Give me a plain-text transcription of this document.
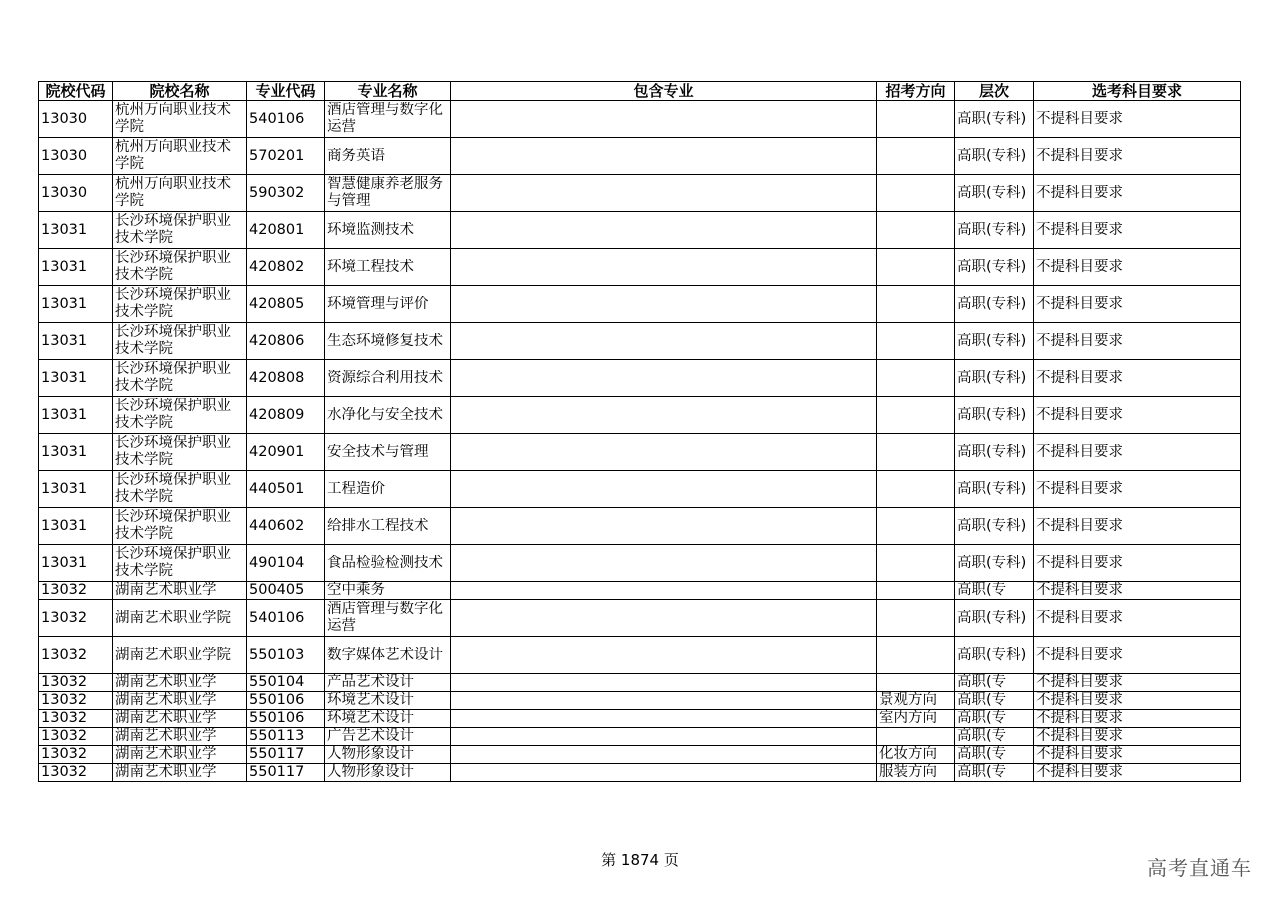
院校代码	院校名称	专业代码	专业名称	包含专业	招考方向	层次	选考科目要求

13030	杭州万向职业技术学院	540106	酒店管理与数字化运营			高职(专科)	不提科目要求

13030	杭州万向职业技术学院	570201	商务英语			高职(专科)	不提科目要求

13030	杭州万向职业技术学院	590302	智慧健康养老服务与管理			高职(专科)	不提科目要求

13031	长沙环境保护职业技术学院	420801	环境监测技术			高职(专科)	不提科目要求

13031	长沙环境保护职业技术学院	420802	环境工程技术			高职(专科)	不提科目要求

13031	长沙环境保护职业技术学院	420805	环境管理与评价			高职(专科)	不提科目要求

13031	长沙环境保护职业技术学院	420806	生态环境修复技术			高职(专科)	不提科目要求

13031	长沙环境保护职业技术学院	420808	资源综合利用技术			高职(专科)	不提科目要求

13031	长沙环境保护职业技术学院	420809	水净化与安全技术			高职(专科)	不提科目要求

13031	长沙环境保护职业技术学院	420901	安全技术与管理			高职(专科)	不提科目要求

13031	长沙环境保护职业技术学院	440501	工程造价			高职(专科)	不提科目要求

13031	长沙环境保护职业技术学院	440602	给排水工程技术			高职(专科)	不提科目要求

13031	长沙环境保护职业技术学院	490104	食品检验检测技术			高职(专科)	不提科目要求

13032	湖南艺术职业学	500405	空中乘务			高职(专	不提科目要求

13032	湖南艺术职业学院	540106	酒店管理与数字化运营			高职(专科)	不提科目要求

13032	湖南艺术职业学院	550103	数字媒体艺术设计			高职(专科)	不提科目要求

13032	湖南艺术职业学	550104	产品艺术设计			高职(专	不提科目要求

13032	湖南艺术职业学	550106	环境艺术设计		景观方向	高职(专	不提科目要求

13032	湖南艺术职业学	550106	环境艺术设计		室内方向	高职(专	不提科目要求

13032	湖南艺术职业学	550113	广告艺术设计			高职(专	不提科目要求

13032	湖南艺术职业学	550117	人物形象设计		化妆方向	高职(专	不提科目要求

13032	湖南艺术职业学	550117	人物形象设计		服装方向	高职(专	不提科目要求
第 1874 页	高考直通车
